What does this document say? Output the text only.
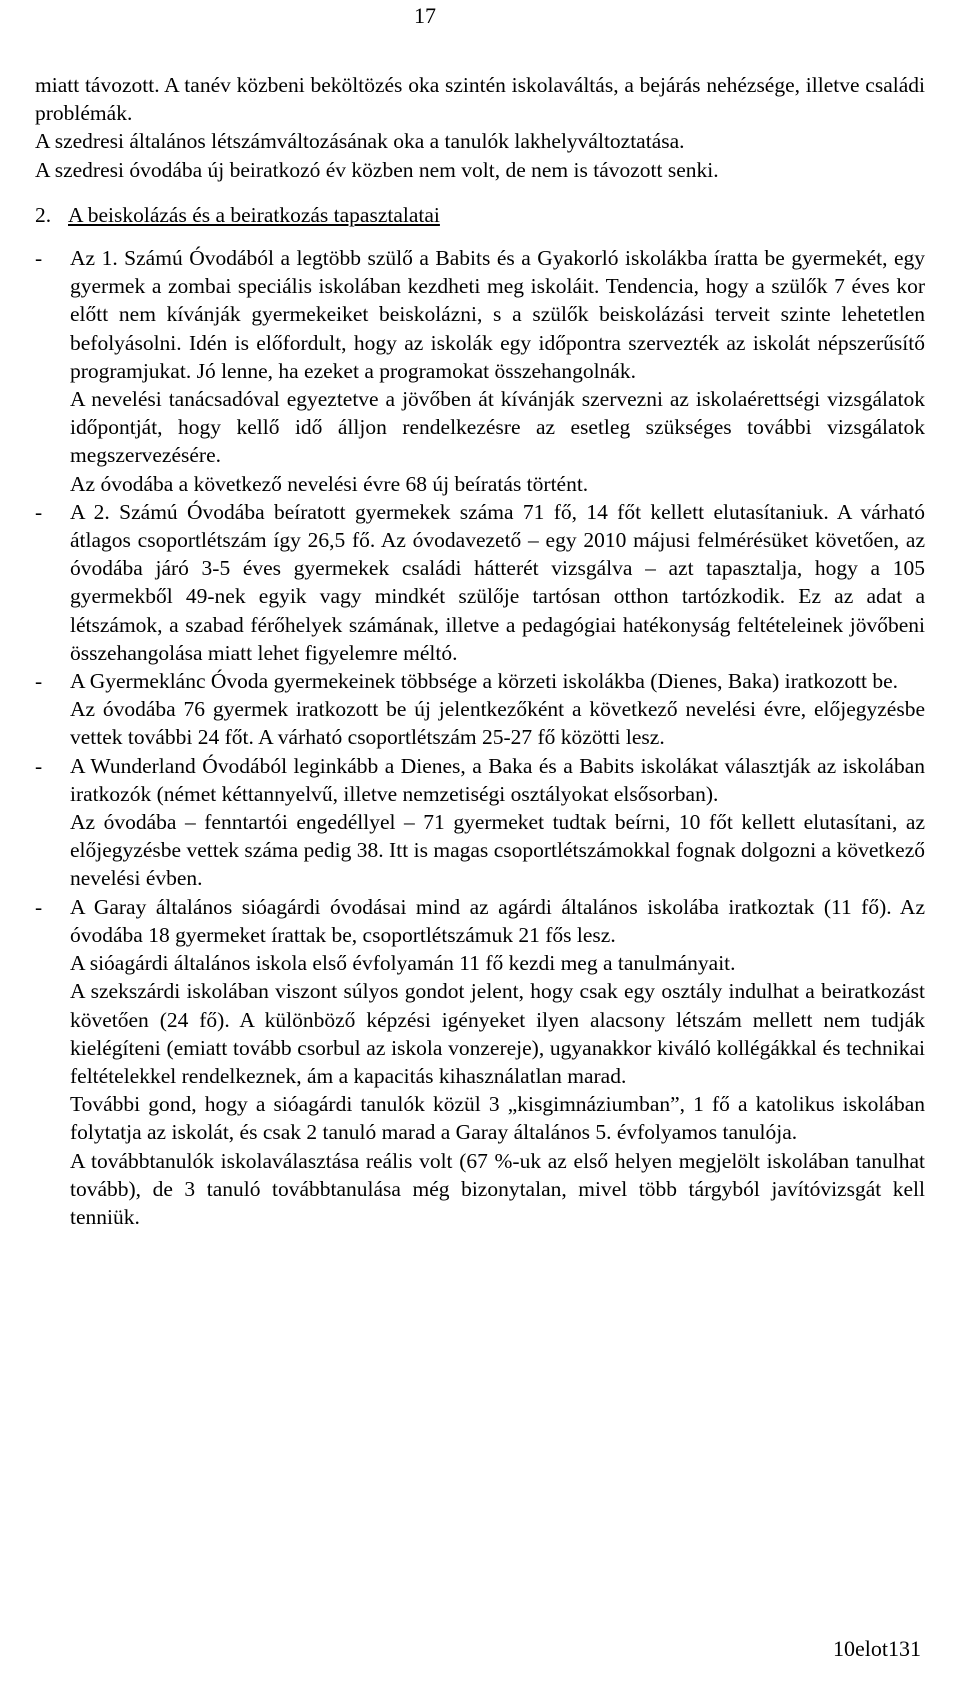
17

miatt távozott. A tanév közbeni beköltözés oka szintén iskolaváltás, a bejárás nehézsége, illetve családi problémák.

A szedresi általános létszámváltozásának oka a tanulók lakhelyváltoztatása.

A szedresi óvodába új beiratkozó év közben nem volt, de nem is távozott senki.

2. A beiskolázás és a beiratkozás tapasztalatai
-	Az 1. Számú Óvodából a legtöbb szülő a Babits és a Gyakorló iskolákba íratta be gyermekét, egy gyermek a zombai speciális iskolában kezdheti meg iskoláit. Tendencia, hogy a szülők 7 éves kor előtt nem kívánják gyermekeiket beiskolázni, s a szülők beiskolázási terveit szinte lehetetlen befolyásolni. Idén is előfordult, hogy az iskolák egy időpontra szervezték az iskolát népszerűsítő programjukat. Jó lenne, ha ezeket a programokat összehangolnák.

A nevelési tanácsadóval egyeztetve a jövőben át kívánják szervezni az iskolaérettségi vizsgálatok időpontját, hogy kellő idő álljon rendelkezésre az esetleg szükséges további vizsgálatok megszervezésére.

Az óvodába a következő nevelési évre 68 új beíratás történt.

-	A 2. Számú Óvodába beíratott gyermekek száma 71 fő, 14 főt kellett elutasítaniuk. A várható átlagos csoportlétszám így 26,5 fő. Az óvodavezető – egy 2010 májusi felmérésüket követően, az óvodába járó 3-5 éves gyermekek családi hátterét vizsgálva – azt tapasztalja, hogy a 105 gyermekből 49-nek egyik vagy mindkét szülője tartósan otthon tartózkodik. Ez az adat a létszámok, a szabad férőhelyek számának, illetve a pedagógiai hatékonyság feltételeinek jövőbeni összehangolása miatt lehet figyelemre méltó.

-	A Gyermeklánc Óvoda gyermekeinek többsége a körzeti iskolákba (Dienes, Baka) iratkozott be.

Az óvodába 76 gyermek iratkozott be új jelentkezőként a következő nevelési évre, előjegyzésbe vettek további 24 főt. A várható csoportlétszám 25-27 fő közötti lesz.

-	A Wunderland Óvodából leginkább a Dienes, a Baka és a Babits iskolákat választják az iskolában iratkozók (német kéttannyelvű, illetve nemzetiségi osztályokat elsősorban).

Az óvodába – fenntartói engedéllyel – 71 gyermeket tudtak beírni, 10 főt kellett elutasítani, az előjegyzésbe vettek száma pedig 38. Itt is magas csoportlétszámokkal fognak dolgozni a következő nevelési évben.

-	A Garay általános sióagárdi óvodásai mind az agárdi általános iskolába iratkoztak (11 fő). Az óvodába 18 gyermeket írattak be, csoportlétszámuk 21 fős lesz.

A sióagárdi általános iskola első évfolyamán 11 fő kezdi meg a tanulmányait.

A szekszárdi iskolában viszont súlyos gondot jelent, hogy csak egy osztály indulhat a beiratkozást követően (24 fő). A különböző képzési igényeket ilyen alacsony létszám mellett nem tudják kielégíteni (emiatt tovább csorbul az iskola vonzereje), ugyanakkor kiváló kollégákkal és technikai feltételekkel rendelkeznek, ám a kapacitás kihasználatlan marad.

További gond, hogy a sióagárdi tanulók közül 3 „kisgimnáziumban”, 1 fő a katolikus iskolában folytatja az iskolát, és csak 2 tanuló marad a Garay általános 5. évfolyamos tanulója.

A továbbtanulók iskolaválasztása reális volt (67 %-uk az első helyen megjelölt iskolában tanulhat tovább), de 3 tanuló továbbtanulása még bizonytalan, mivel több tárgyból javítóvizsgát kell tenniük.

10elot131
